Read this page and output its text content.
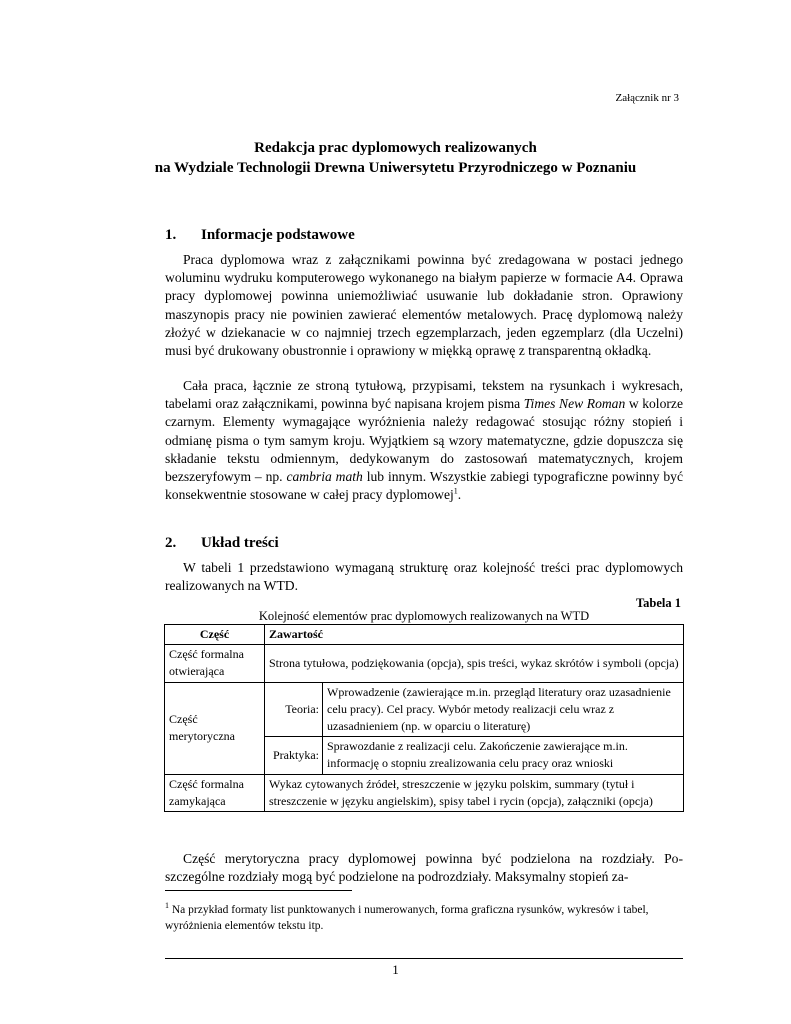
Załącznik nr 3
Redakcja prac dyplomowych realizowanych
na Wydziale Technologii Drewna Uniwersytetu Przyrodniczego w Poznaniu
1. Informacje podstawowe

Praca dyplomowa wraz z załącznikami powinna być zredagowana w postaci jednego woluminu wydruku komputerowego wykonanego na białym papierze w formacie A4. Oprawa pracy dyplomowej powinna uniemożliwiać usuwanie lub dokładanie stron. Oprawiony maszynopis pracy nie powinien zawierać elementów metalowych. Pracę dyplomową należy złożyć w dziekanacie w co najmniej trzech egzemplarzach, jeden egzemplarz (dla Uczelni) musi być drukowany obustronnie i oprawiony w miękką oprawę z transparentną okładką.

Cała praca, łącznie ze stroną tytułową, przypisami, tekstem na rysunkach i wykresach, tabelami oraz załącznikami, powinna być napisana krojem pisma Times New Roman w kolorze czarnym. Elementy wymagające wyróżnienia należy redagować stosując różny stopień i odmianę pisma o tym samym kroju. Wyjątkiem są wzory matematyczne, gdzie dopuszcza się składanie tekstu odmiennym, dedykowanym do zastosowań matematycznych, krojem bezszeryfowym – np. cambria math lub innym. Wszystkie zabiegi typograficzne powinny być konsekwentnie stosowane w całej pracy dyplomowej$^1$.

2. Układ treści

W tabeli 1 przedstawiono wymaganą strukturę oraz kolejność treści prac dyplomowych realizowanych na WTD.

Tabela 1
Kolejność elementów prac dyplomowych realizowanych na WTD
Część	Zawartość	
Część formalna otwierająca	Strona tytułowa, podziękowania (opcja), spis treści, wykaz skrótów i symboli (opcja)	
Część merytoryczna	Teoria:	Wprowadzenie (zawierające m.in. przegląd literatury oraz uzasadnienie celu pracy). Cel pracy. Wybór metody realizacji celu wraz z uzasadnieniem (np. w oparciu o literaturę)
	Praktyka:	Sprawozdanie z realizacji celu. Zakończenie zawierające m.in. informację o stopniu zrealizowania celu pracy oraz wnioski
Część formalna zamykająca	Wykaz cytowanych źródeł, streszczenie w języku polskim, summary (tytuł i streszczenie w języku angielskim), spisy tabel i rycin (opcja), załączniki (opcja)	

Część merytoryczna pracy dyplomowej powinna być podzielona na rozdziały. Poszczególne rozdziały mogą być podzielone na podrozdziały. Maksymalny stopień za-

$^1$ Na przykład formaty list punktowanych i numerowanych, forma graficzna rysunków, wykresów i tabel, wyróżnienia elementów tekstu itp.
1
